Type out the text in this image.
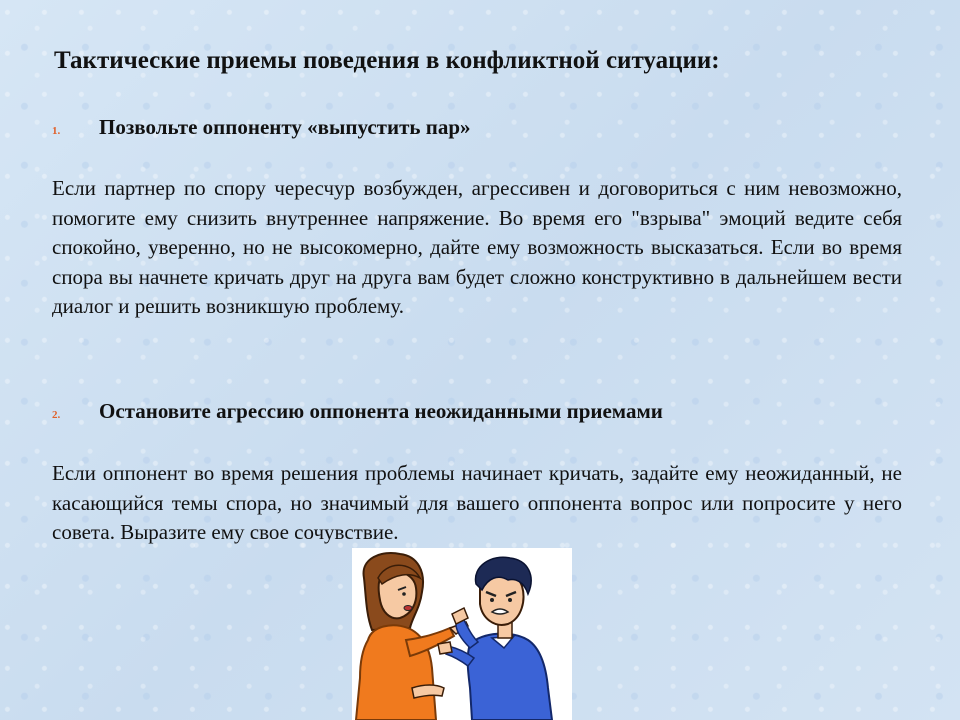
Тактические приемы поведения в конфликтной ситуации:
1. Позвольте оппоненту «выпустить пар»

Если партнер по спору чересчур возбужден, агрессивен и договориться с ним невозможно, помогите ему снизить внутреннее напряжение. Во время его "взрыва" эмоций ведите себя спокойно, уверенно, но не высокомерно, дайте ему возможность высказаться. Если во время спора вы начнете кричать друг на друга вам будет сложно конструктивно в дальнейшем вести диалог и решить возникшую проблему.

2. Остановите агрессию оппонента неожиданными приемами

Если оппонент во время решения проблемы начинает кричать, задайте ему неожиданный, не касающийся темы спора, но значимый для вашего оппонента вопрос или попросите у него совета. Выразите ему свое сочувствие.
